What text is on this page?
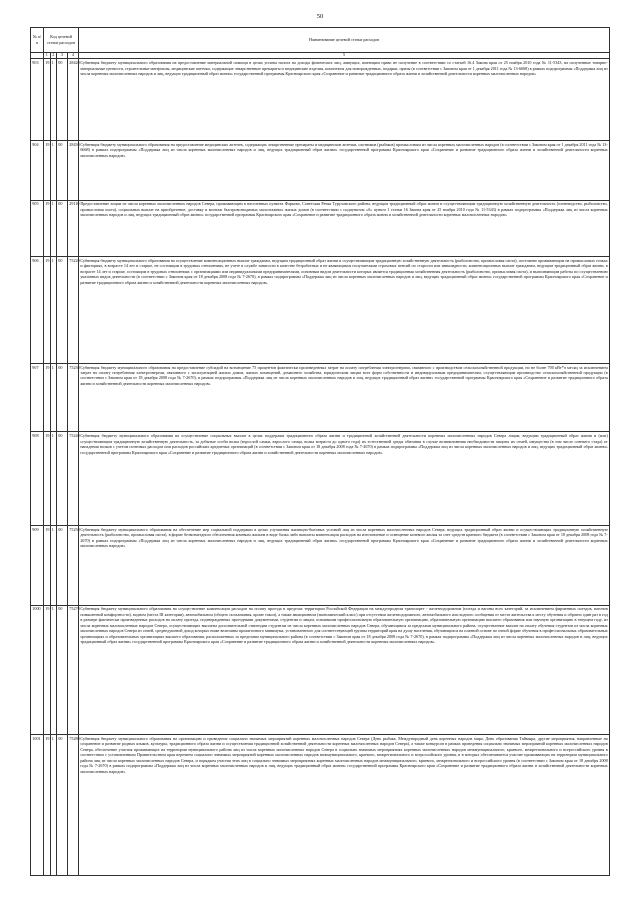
50
№ п/п	Код целевой статьи расходов				Наименование целевой статьи расходов
	1	2	3	4	5
903	19	1	00	28420	Субвенция бюджету муниципального образования на предоставление материальной помощи в целях уплаты налога на доходы физических лиц, живущих, имеющим право не получение в соответствии со статьей 16.4 Закона края от 25 ноября 2010 года № 11-5343, на полученные товарно-материальные ценности, строительные материалы, медицинские аптечки, содержащие лекарственные препараты и медицинские изделия, комплекты для новорожденных, подарки, призы (в соответствии с Законом края от 1 декабря 2011 года № 13-6668) в рамках подпрограммы «Поддержка лиц из числа коренных малочисленных народов и лиц, ведущих традиционный образ жизни» государственной программы Красноярского края «Сохранение и развитие традиционного образа жизни и хозяйственной деятельности коренных малочисленных народов»
904	19	1	00	28430	Субвенция бюджету муниципального образования на предоставление медицинских аптечек, содержащих лекарственные препараты и медицинские аптечки, охотников (рыбаков) промысловым из числа коренных малочисленных народов (в соответствии с Законом края от 1 декабря 2011 года № 13-6668) в рамках подпрограммы «Поддержка лиц из числа коренных малочисленных народов и лиц, ведущих традиционный образ жизни» государственной программы Красноярского края «Сохранение и развитие традиционного образа жизни и хозяйственной деятельности коренных малочисленных народов»
905	19	1	00	29110	Предоставление лицам из числа коренных малочисленных народов Севера, проживающим в населенных пунктах Фарково, Советская Речка Туруханского района, ведущим традиционный образ жизни и осуществляющим традиционную хозяйственную деятельность (оленеводство, рыболовство, промысловая охота), социальных выплат на приобретение, доставку и монтаж быстровозводимых малоэтажных жилых домов (в соответствии с подпунктом «б» пункта 1 статьи 16 Закона края от 25 ноября 2010 года № 11-5343) в рамках подпрограммы «Поддержка лиц из числа коренных малочисленных народов и лиц, ведущих традиционный образ жизни» государственной программы Красноярского края «Сохранение и развитие традиционного образа жизни и хозяйственной деятельности коренных малочисленных народов»
906	19	1	00	75220	Субвенция бюджету муниципального образования на осуществление компенсационных выплат гражданам, ведущим традиционный образ жизни и осуществляющим традиционную хозяйственную деятельность (рыболовство, промысловая охота), постоянно проживающим на промысловых точках и факториях, в возрасте 14 лет и старше, не состоящим в трудовых отношениях, не учете в службе занятости в качестве безработных и не являющимся получателями страховых пенсий по старости или инвалидности, компенсационных выплат гражданам, ведущим традиционный образ жизни, в возрасте 14 лет и старше, состоящим в трудовых отношениях с организациями или индивидуальными предпринимателями, основным видом деятельности которых является традиционная хозяйственная деятельность (рыболовство, промысловая охота), и выполняющим работы по осуществлению указанных видов деятельности (в соответствии с Законом края от 18 декабря 2008 года № 7-2670), в рамках подпрограммы «Поддержка лиц из числа коренных малочисленных народов и лиц, ведущих традиционный образ жизни» государственной программы Красноярского края «Сохранение и развитие традиционного образа жизни и хозяйственной деятельности коренных малочисленных народов»
907	19	1	00	75230	Субвенция бюджету муниципального образования на предоставление субсидий на возмещение 75 процентов фактически произведенных затрат на оплату потребления электроэнергии, связанного с производством сельскохозяйственной продукции, но не более 700 кВт*ч месяц за исключением затрат на оплату потребления электроэнергии, связанного с эксплуатацией жилых домов, жилых помещений, домашнего хозяйства, юридическим лицам всех форм собственности и индивидуальным предпринимателям, осуществляющим производство сельскохозяйственной продукции (в соответствии с Законом края от 18 декабря 2008 года № 7-2670), в рамках подпрограммы «Поддержка лиц из числа коренных малочисленных народов и лиц, ведущих традиционный образ жизни» государственной программы Красноярского края «Сохранение и развитие традиционного образа жизни и хозяйственной деятельности коренных малочисленных народов»
908	19	1	00	75240	Субвенция бюджету муниципального образования на осуществление социальных выплат в целях поддержки традиционного образа жизни и традиционной хозяйственной деятельности коренных малочисленных народов Севера лицам, ведущим традиционный образ жизни и (или) осуществляющим традиционную хозяйственную деятельность, за добытые особи волка (взрослой самки, взрослого самца, волка возраста до одного года) их естественной среды обитания в случае возникновения необходимости защиты их семей, имущества (в том числе оленьего стада) от нападения волков с учетом почтовых расходов или расходов российских кредитных организаций (в соответствии с Законом края от 18 декабря 2008 года № 7-2670) в рамках подпрограммы «Поддержка лиц из числа коренных малочисленных народов и лиц, ведущих традиционный образ жизни» государственной программы Красноярского края «Сохранение и развитие традиционного образа жизни и хозяйственной деятельности коренных малочисленных народов»
909	19	1	00	75250	Субвенция бюджету муниципального образования на обеспечение мер социальной поддержки в целях улучшения жилищно-бытовых условий лиц из числа коренных малочисленных народов Севера, ведущих традиционный образ жизни и осуществляющих традиционную хозяйственную деятельность (рыболовство, промысловая охота), в форме безвозмездного обеспечения кочевым жильем в виде балка либо выплаты компенсации расходов на изготовление и освещение кочевого жилья за счет средств краевого бюджета (в соответствии с Законом края от 18 декабря 2008 года № 7-2670) в рамках подпрограммы «Поддержка лиц из числа коренных малочисленных народов и лиц, ведущих традиционный образ жизни» государственной программы Красноярского края «Сохранение и развитие традиционного образа жизни и хозяйственной деятельности коренных малочисленных народов»
1000	19	1	00	75270	Субвенция бюджету муниципального образования на осуществление компенсации расходов на оплату проезда в пределах территории Российской Федерации на междугородном транспорте - железнодорожном (поезда и вагоны всех категорий, за исключением фирменных поездов, вагонов повышенной комфортности), водном (места III категории), автомобильном (общего пользования, кроме такси), а также авиационном (экономический класс) при отсутствии железнодорожного, автомобильного или водного сообщения от места жительства к месту обучения и обратно один раз в год в размере фактически произведенных расходов на оплату проезда, подтвержденных проездными документами, студентам и лицам, освоившим профессиональную образовательную организацию, образовательную организацию высшего образования или научную организацию в текущем году, из числа коренных малочисленных народов Севера, осуществляющих выплаты дополнительной стипендии студентам из числа коренных малочисленных народов Севера, обучающимся за пределами муниципального района, осуществление выплат на оплату обучения студентов из числа коренных малочисленных народов Севера из семей, среднедушевой доход которых ниже величины прожиточного минимума, установленного для соответствующей группы территорий края на душу населения, обучающихся на платной основе по очной форме обучения в профессиональных образовательных организациях и образовательных организациях высшего образования, расположенных за пределами муниципального района (в соответствии с Законом края от 18 декабря 2008 года № 7-2670), в рамках подпрограммы «Поддержка лиц из числа коренных малочисленных народов и лиц, ведущих традиционный образ жизни» государственной программы Красноярского края «Сохранение и развитие традиционного образа жизни и хозяйственной деятельности коренных малочисленных народов»
1001	19	1	00	75280	Субвенция бюджету муниципального образования на организацию и проведение социально значимых мероприятий коренных малочисленных народов Севера (День рыбака, Международный день коренных народов мира, День образования Таймыра, другие мероприятия, направленные на сохранение и развитие родных языков, культуры, традиционного образа жизни и осуществления традиционной хозяйственной деятельности коренных малочисленных народов Севера), а также конкурсов в рамках проведения социально значимых мероприятий коренных малочисленных народов Севера, обеспечение участия проживающих на территории муниципального района лиц из числа коренных малочисленных народов Севера в социально значимых мероприятиях коренных малочисленных народов межмуниципального, краевого, межрегионального и всероссийского уровня в соответствии с установленным Правительством края перечнем социально значимых мероприятий коренных малочисленных народов межмуниципального, краевого, межрегионального и всероссийского уровня, и в которых обеспечивается участие проживающих на территории муниципального района лиц из числа коренных малочисленных народов Севера, и порядком участия этих лиц в социально значимых мероприятиях коренных малочисленных народов межмуниципального, краевого, межрегионального и всероссийского уровня (в соответствии с Законом края от 18 декабря 2008 года № 7-2670) в рамках подпрограммы «Поддержка лиц из числа коренных малочисленных народов и лиц, ведущих традиционный образ жизни» государственной программы Красноярского края «Сохранение и развитие традиционного образа жизни и хозяйственной деятельности коренных малочисленных народов»
